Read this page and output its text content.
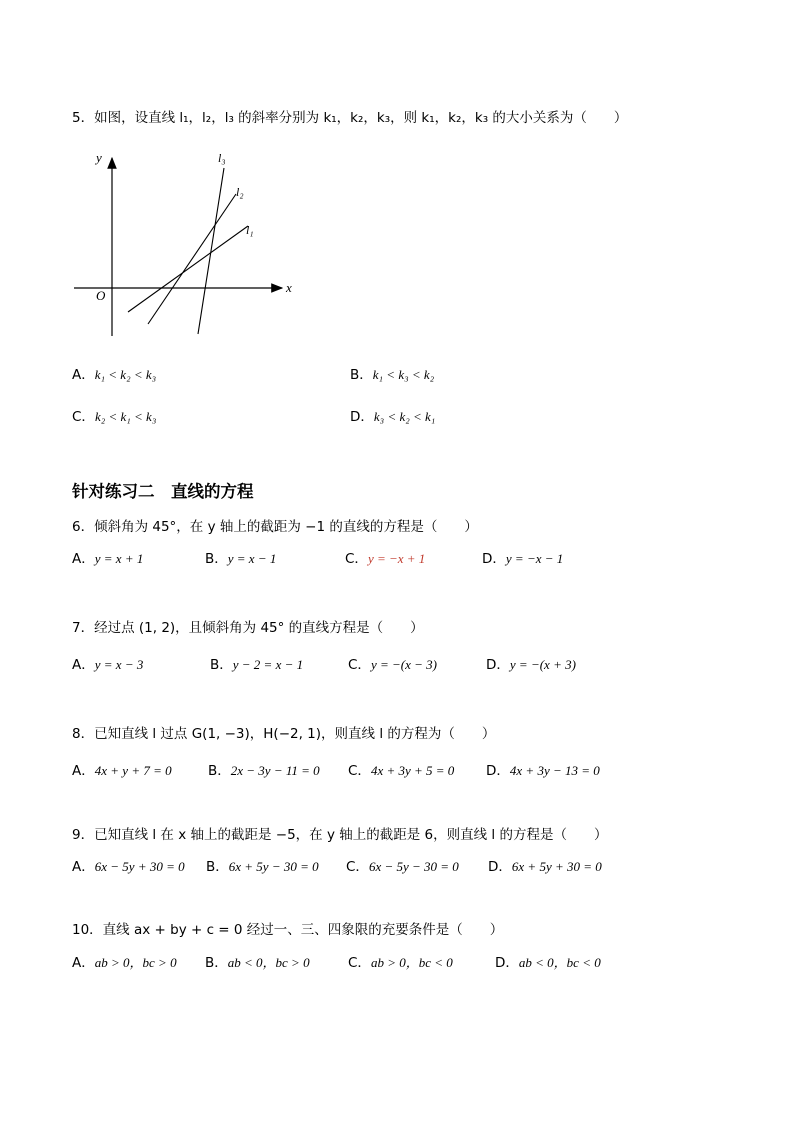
5．如图，设直线 l₁，l₂，l₃ 的斜率分别为 k₁，k₂，k₃，则 k₁，k₂，k₃ 的大小关系为（　　）
y
x
O
l₁
l₂
l₃
A．k₁ < k₂ < k₃	B．k₁ < k₃ < k₂
C．k₂ < k₁ < k₃	D．k₃ < k₂ < k₁
针对练习二　直线的方程
6．倾斜角为 45°，在 y 轴上的截距为 −1 的直线的方程是（　　）
A．y = x + 1	B．y = x − 1	C．y = −x + 1	D．y = −x − 1
7．经过点 (1, 2)，且倾斜角为 45° 的直线方程是（　　）
A．y = x − 3	B．y − 2 = x − 1	C．y = −(x − 3)	D．y = −(x + 3)
8．已知直线 l 过点 G(1, −3)，H(−2, 1)，则直线 l 的方程为（　　）
A．4x + y + 7 = 0	B．2x − 3y − 11 = 0 C．4x + 3y + 5 = 0 D．4x + 3y − 13 = 0
9．已知直线 l 在 x 轴上的截距是 −5，在 y 轴上的截距是 6，则直线 l 的方程是（　　）
A．6x − 5y + 30 = 0 B．6x + 5y − 30 = 0 C．6x − 5y − 30 = 0 D．6x + 5y + 30 = 0
10．直线 ax + by + c = 0 经过一、三、四象限的充要条件是（　　）
A．ab > 0，bc > 0 B．ab < 0，bc > 0	C．ab > 0，bc < 0	D．ab < 0，bc < 0
